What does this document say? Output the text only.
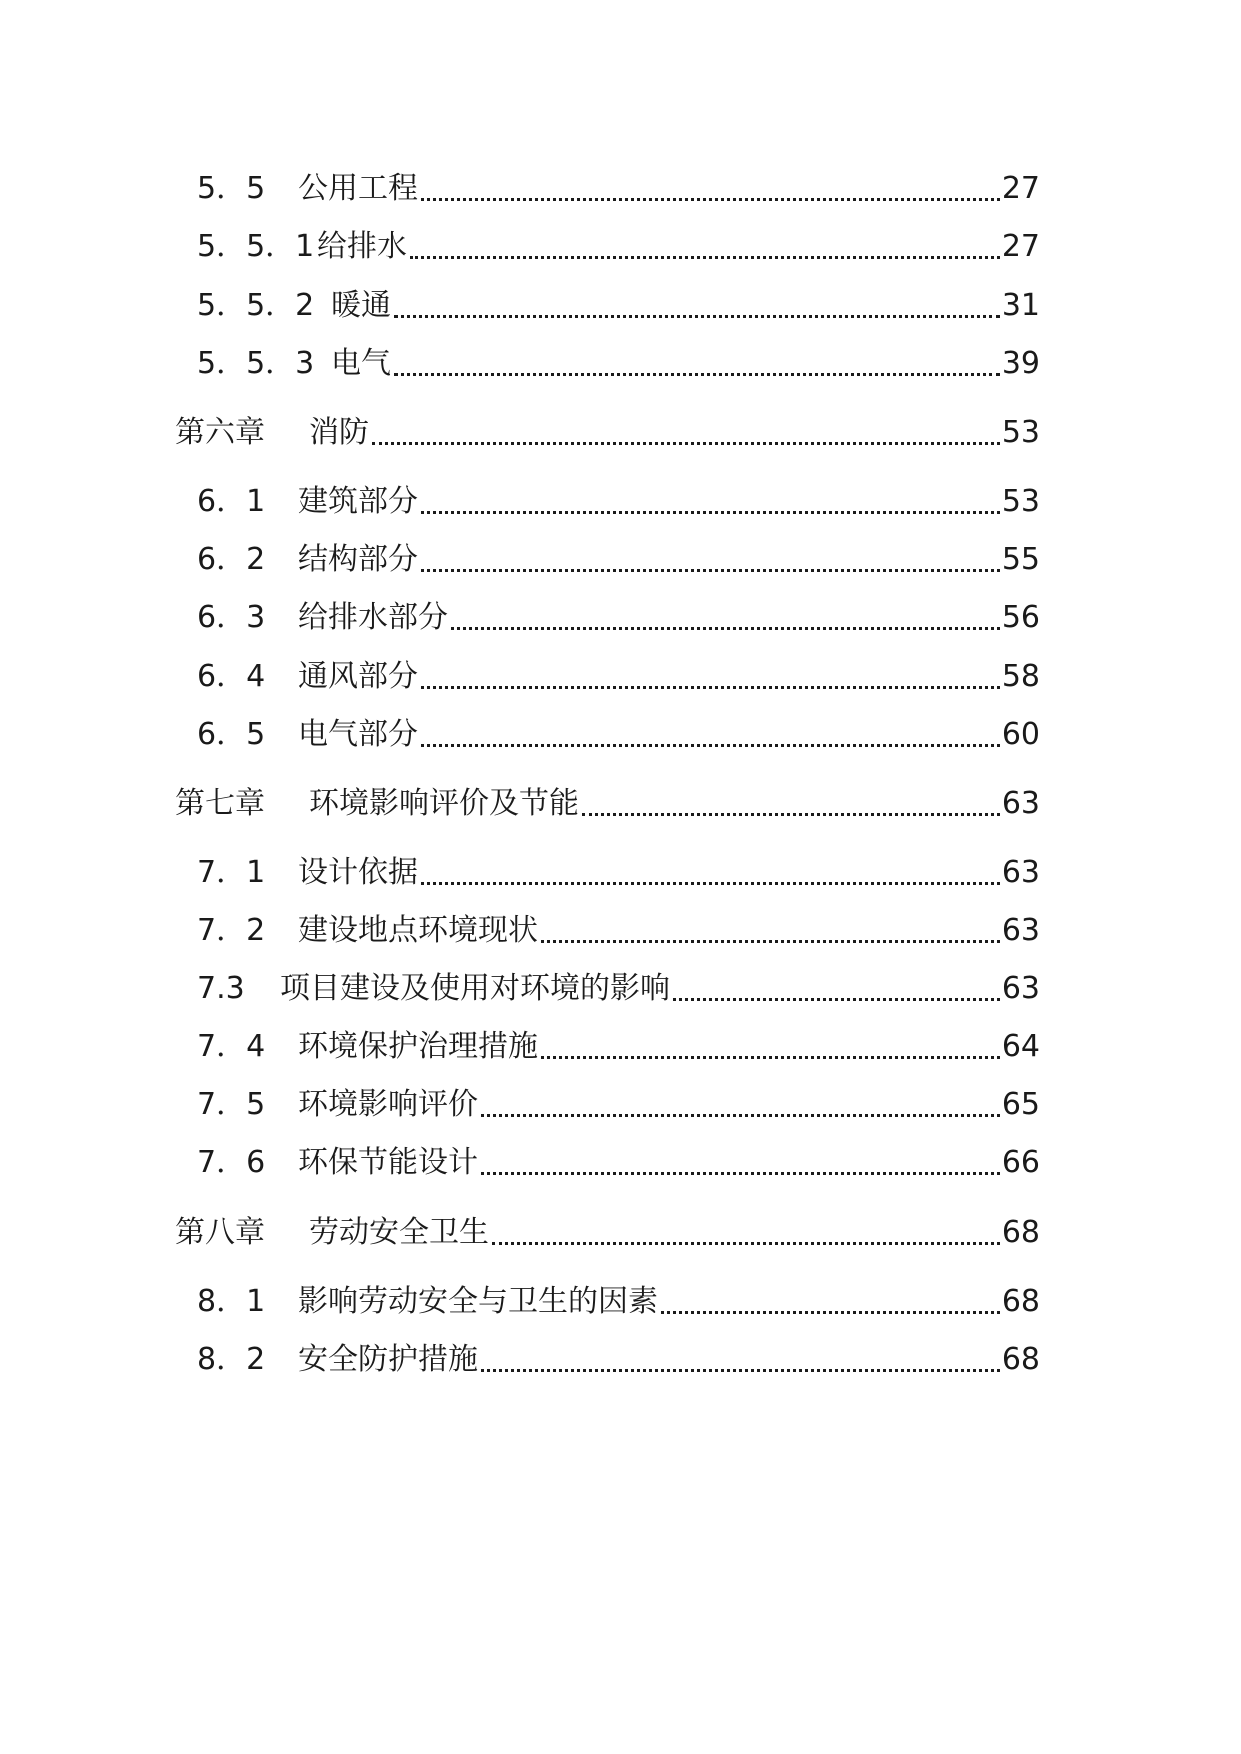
5．5	公用工程	27
5．5．1 给排水	27
5．5．2 暖通	31
5．5．3 电气	39
第六章	消防	53
6．1	建筑部分	53
6．2	结构部分	55
6．3	给排水部分	56
6．4	通风部分	58
6．5	电气部分	60
第七章	环境影响评价及节能	63
7．1	设计依据	63
7．2	建设地点环境现状	63
7.3	项目建设及使用对环境的影响	63
7．4	环境保护治理措施	64
7．5	环境影响评价	65
7．6	环保节能设计	66
第八章	劳动安全卫生	68
8．1	影响劳动安全与卫生的因素	68
8．2	安全防护措施	68
